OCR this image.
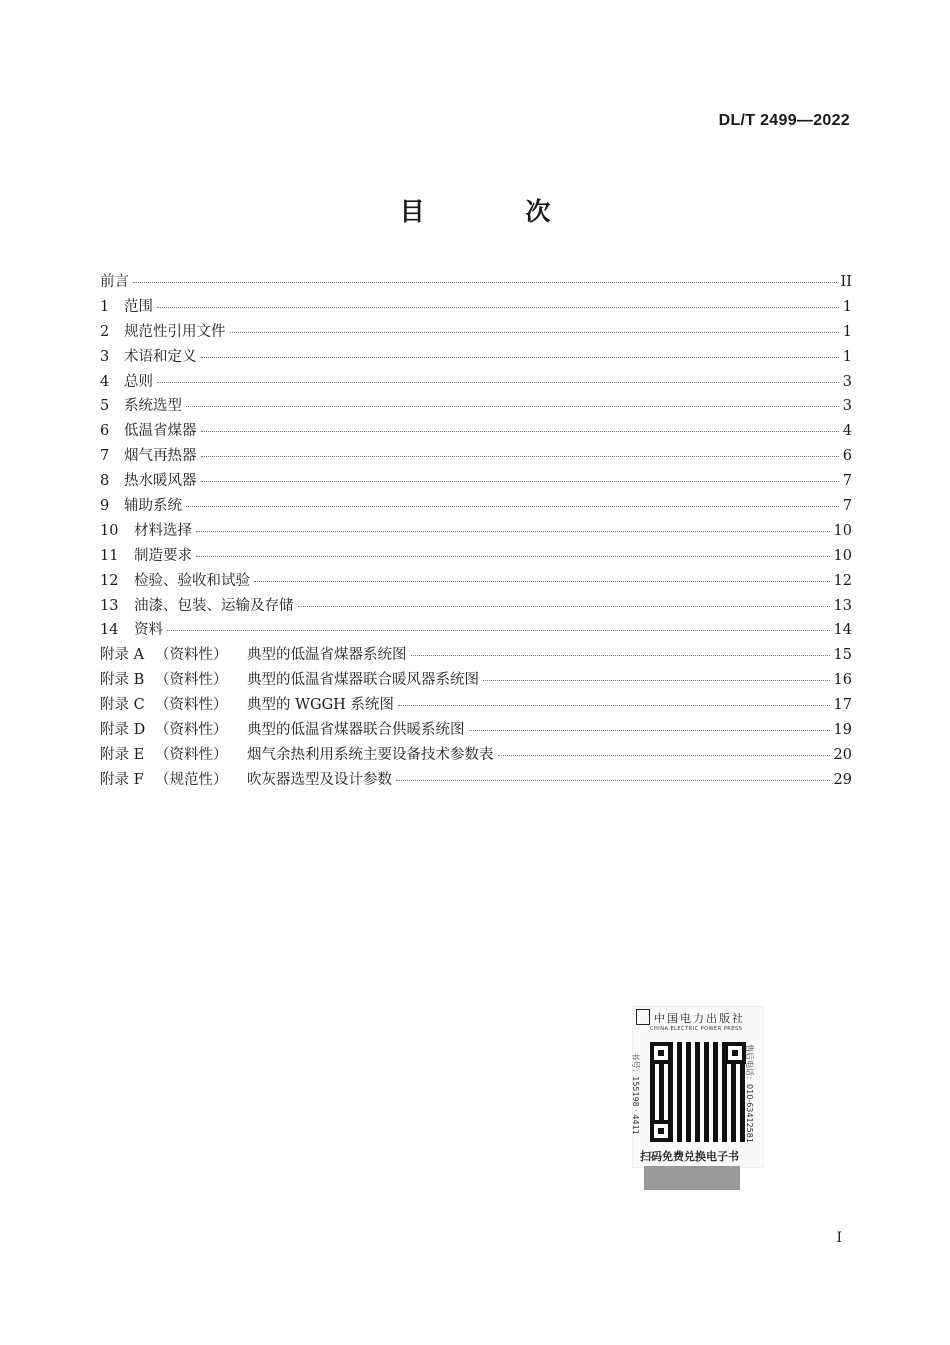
DL/T 2499—2022
目 次
前言	II
1	范围	1
2	规范性引用文件	1
3	术语和定义	1
4	总则	3
5	系统选型	3
6	低温省煤器	4
7	烟气再热器	6
8	热水暖风器	7
9	辅助系统	7
10	材料选择	10
11	制造要求	10
12	检验、验收和试验	12
13	油漆、包装、运输及存储	13
14	资料	14
附录 A （资料性）	典型的低温省煤器系统图	15
附录 B （资料性）	典型的低温省煤器联合暖风器系统图	16
附录 C （资料性）	典型的 WGGH 系统图	17
附录 D （资料性）	典型的低温省煤器联合供暖系统图	19
附录 E （资料性）	烟气余热利用系统主要设备技术参数表	20
附录 F （规范性）	吹灰器选型及设计参数	29
中国电力出版社
CHINA ELECTRIC POWER PRESS
书号：155198 · 4411	售后电话：010-63412581
扫码免费兑换电子书
I
